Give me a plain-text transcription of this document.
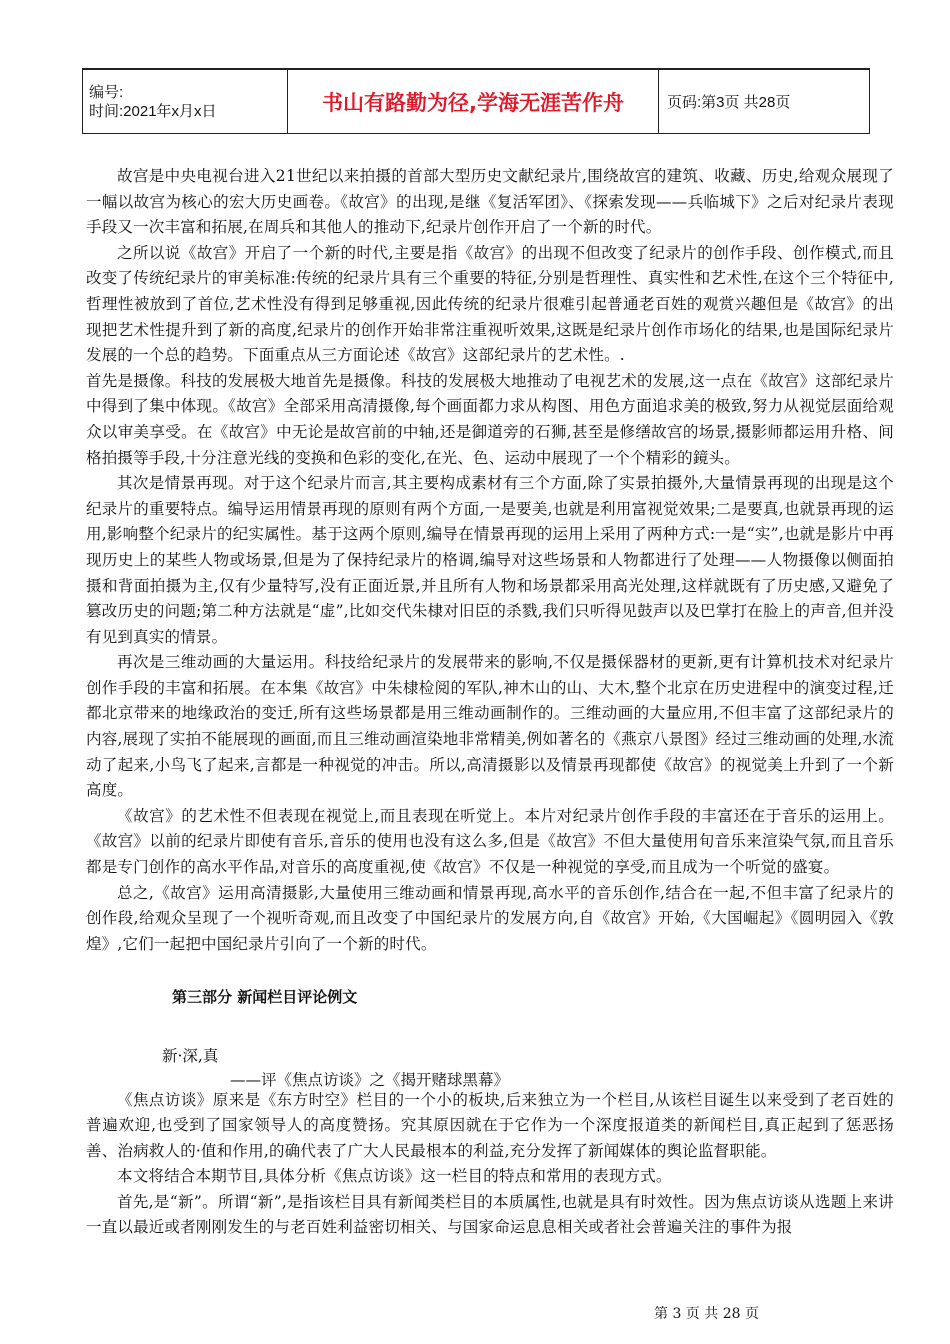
编号:
时间:2021年x月x日	书山有路勤为径,学海无涯苦作舟	页码:第3页 共28页

故宫是中央电视台进入21世纪以来拍摄的首部大型历史文献纪录片,围绕故宫的建筑、收藏、历史,给观众展现了一幅以故宫为核心的宏大历史画卷。《故宫》的出现,是继《复活军团》、《探索发现——兵临城下》之后对纪录片表现手段又一次丰富和拓展,在周兵和其他人的推动下,纪录片创作开启了一个新的时代。

之所以说《故宫》开启了一个新的时代,主要是指《故宫》的出现不但改变了纪录片的创作手段、创作模式,而且改变了传统纪录片的审美标准:传统的纪录片具有三个重要的特征,分别是哲理性、真实性和艺术性,在这个三个特征中,哲理性被放到了首位,艺术性没有得到足够重视,因此传统的纪录片很难引起普通老百姓的观赏兴趣但是《故宫》的出现把艺术性提升到了新的高度,纪录片的创作开始非常注重视听效果,这既是纪录片创作市场化的结果,也是国际纪录片发展的一个总的趋势。下面重点从三方面论述《故宫》这部纪录片的艺术性。.

首先是摄像。科技的发展极大地首先是摄像。科技的发展极大地推动了电视艺术的发展,这一点在《故宫》这部纪录片中得到了集中体现。《故宫》全部采用高清摄像,每个画面都力求从构图、用色方面追求美的极致,努力从视觉层面给观众以审美享受。在《故宫》中无论是故宫前的中轴,还是御道旁的石狮,甚至是修缮故宫的场景,摄影师都运用升格、间格拍摄等手段,十分注意光线的变换和色彩的变化,在光、色、运动中展现了一个个精彩的鏡头。

其次是情景再现。对于这个纪录片而言,其主要构成素材有三个方面,除了实景拍摄外,大量情景再现的出现是这个纪录片的重要特点。编导运用情景再现的原则有两个方面,一是要美,也就是利用富视觉效果;二是要真,也就景再现的运用,影响整个纪录片的纪实属性。基于这两个原则,编导在情景再现的运用上采用了两种方式:一是“实”,也就是影片中再现历史上的某些人物或场景,但是为了保持纪录片的格调,编导对这些场景和人物都进行了处理——人物摄像以侧面拍摄和背面拍摄为主,仅有少量特写,没有正面近景,并且所有人物和场景都采用高光处理,这样就既有了历史感,又避免了篡改历史的问题;第二种方法就是“虚”,比如交代朱棣对旧臣的杀戮,我们只听得见鼓声以及巴掌打在脸上的声音,但并没有见到真实的情景。

再次是三维动画的大量运用。科技给纪录片的发展带来的影响,不仅是摄倸器材的更新,更有计算机技术对纪录片创作手段的丰富和拓展。在本集《故宫》中朱棣检阅的军队,神木山的山、大木,整个北京在历史进程中的演变过程,迁都北京带来的地缘政治的变迁,所有这些场景都是用三维动画制作的。三维动画的大量应用,不但丰富了这部纪录片的内容,展现了实拍不能展现的画面,而且三维动画渲染地非常精美,例如著名的《燕京八景图》经过三维动画的处理,水流动了起来,小鸟飞了起来,言都是一种视觉的冲击。所以,高清摄影以及情景再现都使《故宫》的视觉美上升到了一个新高度。

《故宫》的艺术性不但表现在视觉上,而且表现在听觉上。本片对纪录片创作手段的丰富还在于音乐的运用上。《故宫》以前的纪录片即使有音乐,音乐的使用也没有这么多,但是《故宫》不但大量使用旬音乐来渲染气氛,而且音乐都是专门创作的高水平作品,对音乐的高度重视,使《故宫》不仅是一种视觉的享受,而且成为一个听觉的盛宴。

总之,《故宫》运用高清摄影,大量使用三维动画和情景再现,高水平的音乐创作,结合在一起,不但丰富了纪录片的创作段,给观众呈现了一个视听奇观,而且改变了中国纪录片的发展方向,自《故宫》开始,《大国崛起》《圆明园入《敦煌》,它们一起把中国纪录片引向了一个新的时代。

第三部分 新闻栏目评论例文
新·深,真
——评《焦点访谈》之《揭开赌球黑幕》

《焦点访谈》原来是《东方时空》栏目的一个小的板块,后来独立为一个栏目,从该栏目诞生以来受到了老百姓的普遍欢迎,也受到了国家领导人的高度赞扬。究其原因就在于它作为一个深度报道类的新闻栏目,真正起到了惩恶扬善、治病救人的·值和作用,的确代表了广大人民最根本的利益,充分发挥了新闻媒体的舆论监督职能。

本文将结合本期节目,具体分析《焦点访谈》这一栏目的特点和常用的表现方式。

首先,是“新”。所谓“新”,是指该栏目具有新闻类栏目的本质属性,也就是具有时效性。因为焦点访谈从选题上来讲一直以最近或者刚刚发生的与老百姓利益密切相关、与国家命运息息相关或者社会普遍关注的事件为报

第 3 页 共 28 页
